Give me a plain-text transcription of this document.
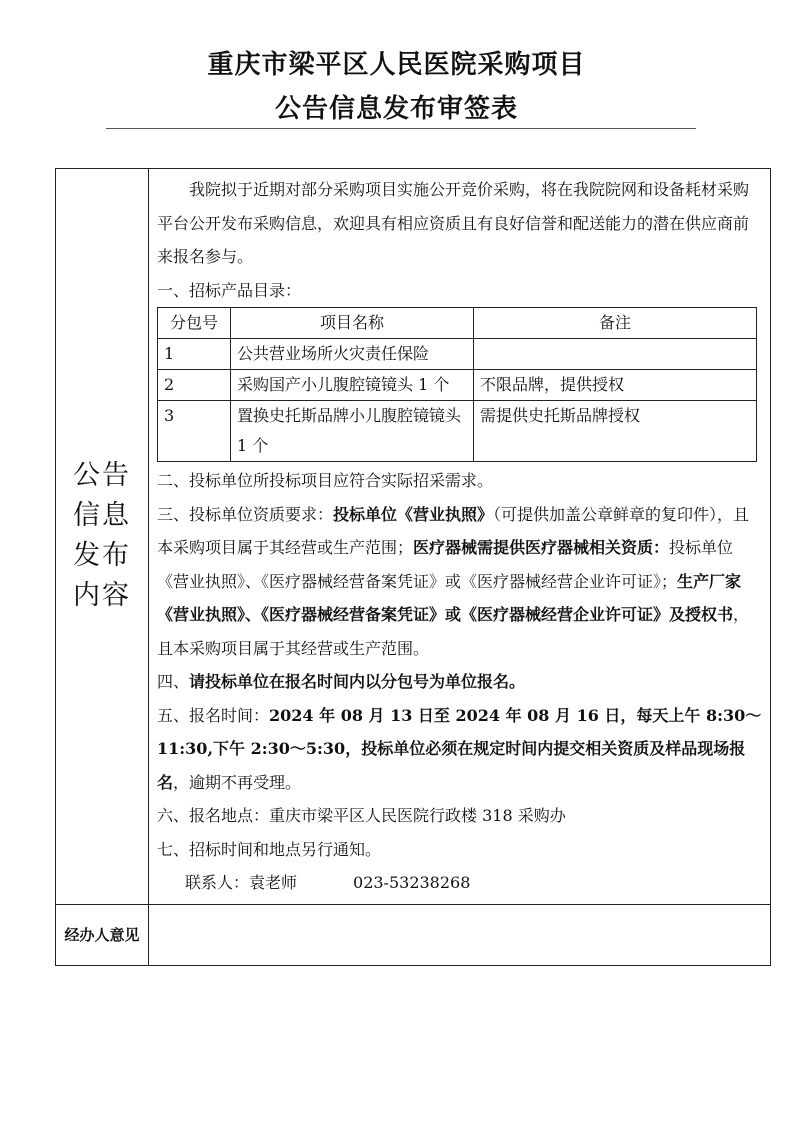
重庆市梁平区人民医院采购项目
公告信息发布审签表
公告信息发布内容

我院拟于近期对部分采购项目实施公开竞价采购，将在我院院网和设备耗材采购平台公开发布采购信息，欢迎具有相应资质且有良好信誉和配送能力的潜在供应商前来报名参与。

一、招标产品目录：

分包号	项目名称	备注
1	公共营业场所火灾责任保险	
2	采购国产小儿腹腔镜镜头 1 个	不限品牌，提供授权
3	置换史托斯品牌小儿腹腔镜镜头 1 个	需提供史托斯品牌授权

二、投标单位所投标项目应符合实际招采需求。

三、投标单位资质要求：投标单位《营业执照》（可提供加盖公章鲜章的复印件），且本采购项目属于其经营或生产范围；医疗器械需提供医疗器械相关资质：投标单位《营业执照》、《医疗器械经营备案凭证》或《医疗器械经营企业许可证》；生产厂家《营业执照》、《医疗器械经营备案凭证》或《医疗器械经营企业许可证》及授权书，且本采购项目属于其经营或生产范围。

四、请投标单位在报名时间内以分包号为单位报名。

五、报名时间：2024 年 08 月 13 日至 2024 年 08 月 16 日，每天上午 8:30～11:30,下午 2:30～5:30，投标单位必须在规定时间内提交相关资质及样品现场报名，逾期不再受理。

六、报名地点：重庆市梁平区人民医院行政楼 318 采购办

七、招标时间和地点另行通知。

联系人：袁老师	023-53238268

经办人意见
